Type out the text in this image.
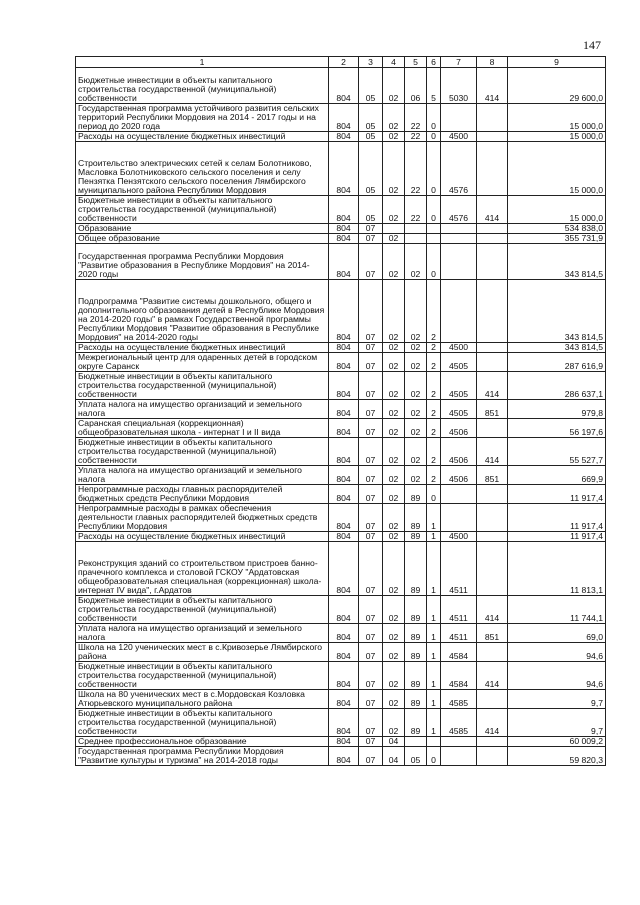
147
1	2	3	4	5	6	7	8	9
Бюджетные инвестиции в объекты капитального строительства государственной (муниципальной) собственности	804	05	02	06	5	5030	414	29 600,0
Государственная программа устойчивого развития сельских территорий Республики Мордовия на 2014 - 2017 годы и на период до 2020 года	804	05	02	22	0			15 000,0
Расходы на осуществление бюджетных инвестиций	804	05	02	22	0	4500		15 000,0
Строительство электрических сетей к селам Болотниково, Масловка Болотниковского сельского поселения и селу Пензятка Пензятского сельского поселения Лямбирского муниципального района Республики Мордовия	804	05	02	22	0	4576		15 000,0
Бюджетные инвестиции в объекты капитального строительства государственной (муниципальной) собственности	804	05	02	22	0	4576	414	15 000,0
Образование	804	07						534 838,0
Общее образование	804	07	02					355 731,9
Государственная программа Республики Мордовия "Развитие образования в Республике Мордовия" на 2014-2020 годы	804	07	02	02	0			343 814,5
Подпрограмма "Развитие системы дошкольного, общего и дополнительного образования детей в Республике Мордовия на 2014-2020 годы" в рамках Государственной программы Республики Мордовия "Развитие образования в Республике Мордовия" на 2014-2020 годы	804	07	02	02	2			343 814,5
Расходы на осуществление бюджетных инвестиций	804	07	02	02	2	4500		343 814,5
Межрегиональный центр для одаренных детей в городском округе Саранск	804	07	02	02	2	4505		287 616,9
Бюджетные инвестиции в объекты капитального строительства государственной (муниципальной) собственности	804	07	02	02	2	4505	414	286 637,1
Уплата налога на имущество организаций и земельного налога	804	07	02	02	2	4505	851	979,8
Саранская специальная (коррекционная) общеобразовательная школа - интернат I и II вида	804	07	02	02	2	4506		56 197,6
Бюджетные инвестиции в объекты капитального строительства государственной (муниципальной) собственности	804	07	02	02	2	4506	414	55 527,7
Уплата налога на имущество организаций и земельного налога	804	07	02	02	2	4506	851	669,9
Непрограммные расходы главных распорядителей бюджетных средств Республики Мордовия	804	07	02	89	0			11 917,4
Непрограммные расходы в рамках обеспечения деятельности главных распорядителей бюджетных средств Республики Мордовия	804	07	02	89	1			11 917,4
Расходы на осуществление бюджетных инвестиций	804	07	02	89	1	4500		11 917,4
Реконструкция зданий со строительством пристроев банно-прачечного комплекса и столовой ГСКОУ "Ардатовская общеобразовательная специальная (коррекционная) школа-интернат IV вида", г.Ардатов	804	07	02	89	1	4511		11 813,1
Бюджетные инвестиции в объекты капитального строительства государственной (муниципальной) собственности	804	07	02	89	1	4511	414	11 744,1
Уплата налога на имущество организаций и земельного налога	804	07	02	89	1	4511	851	69,0
Школа на 120 ученических мест в с.Кривозерье Лямбирского района	804	07	02	89	1	4584		94,6
Бюджетные инвестиции в объекты капитального строительства государственной (муниципальной) собственности	804	07	02	89	1	4584	414	94,6
Школа на 80 ученических мест в с.Мордовская Козловка Атюрьевского муниципального района	804	07	02	89	1	4585		9,7
Бюджетные инвестиции в объекты капитального строительства государственной (муниципальной) собственности	804	07	02	89	1	4585	414	9,7
Среднее профессиональное образование	804	07	04					60 009,2
Государственная программа Республики Мордовия "Развитие культуры и туризма" на 2014-2018 годы	804	07	04	05	0			59 820,3
